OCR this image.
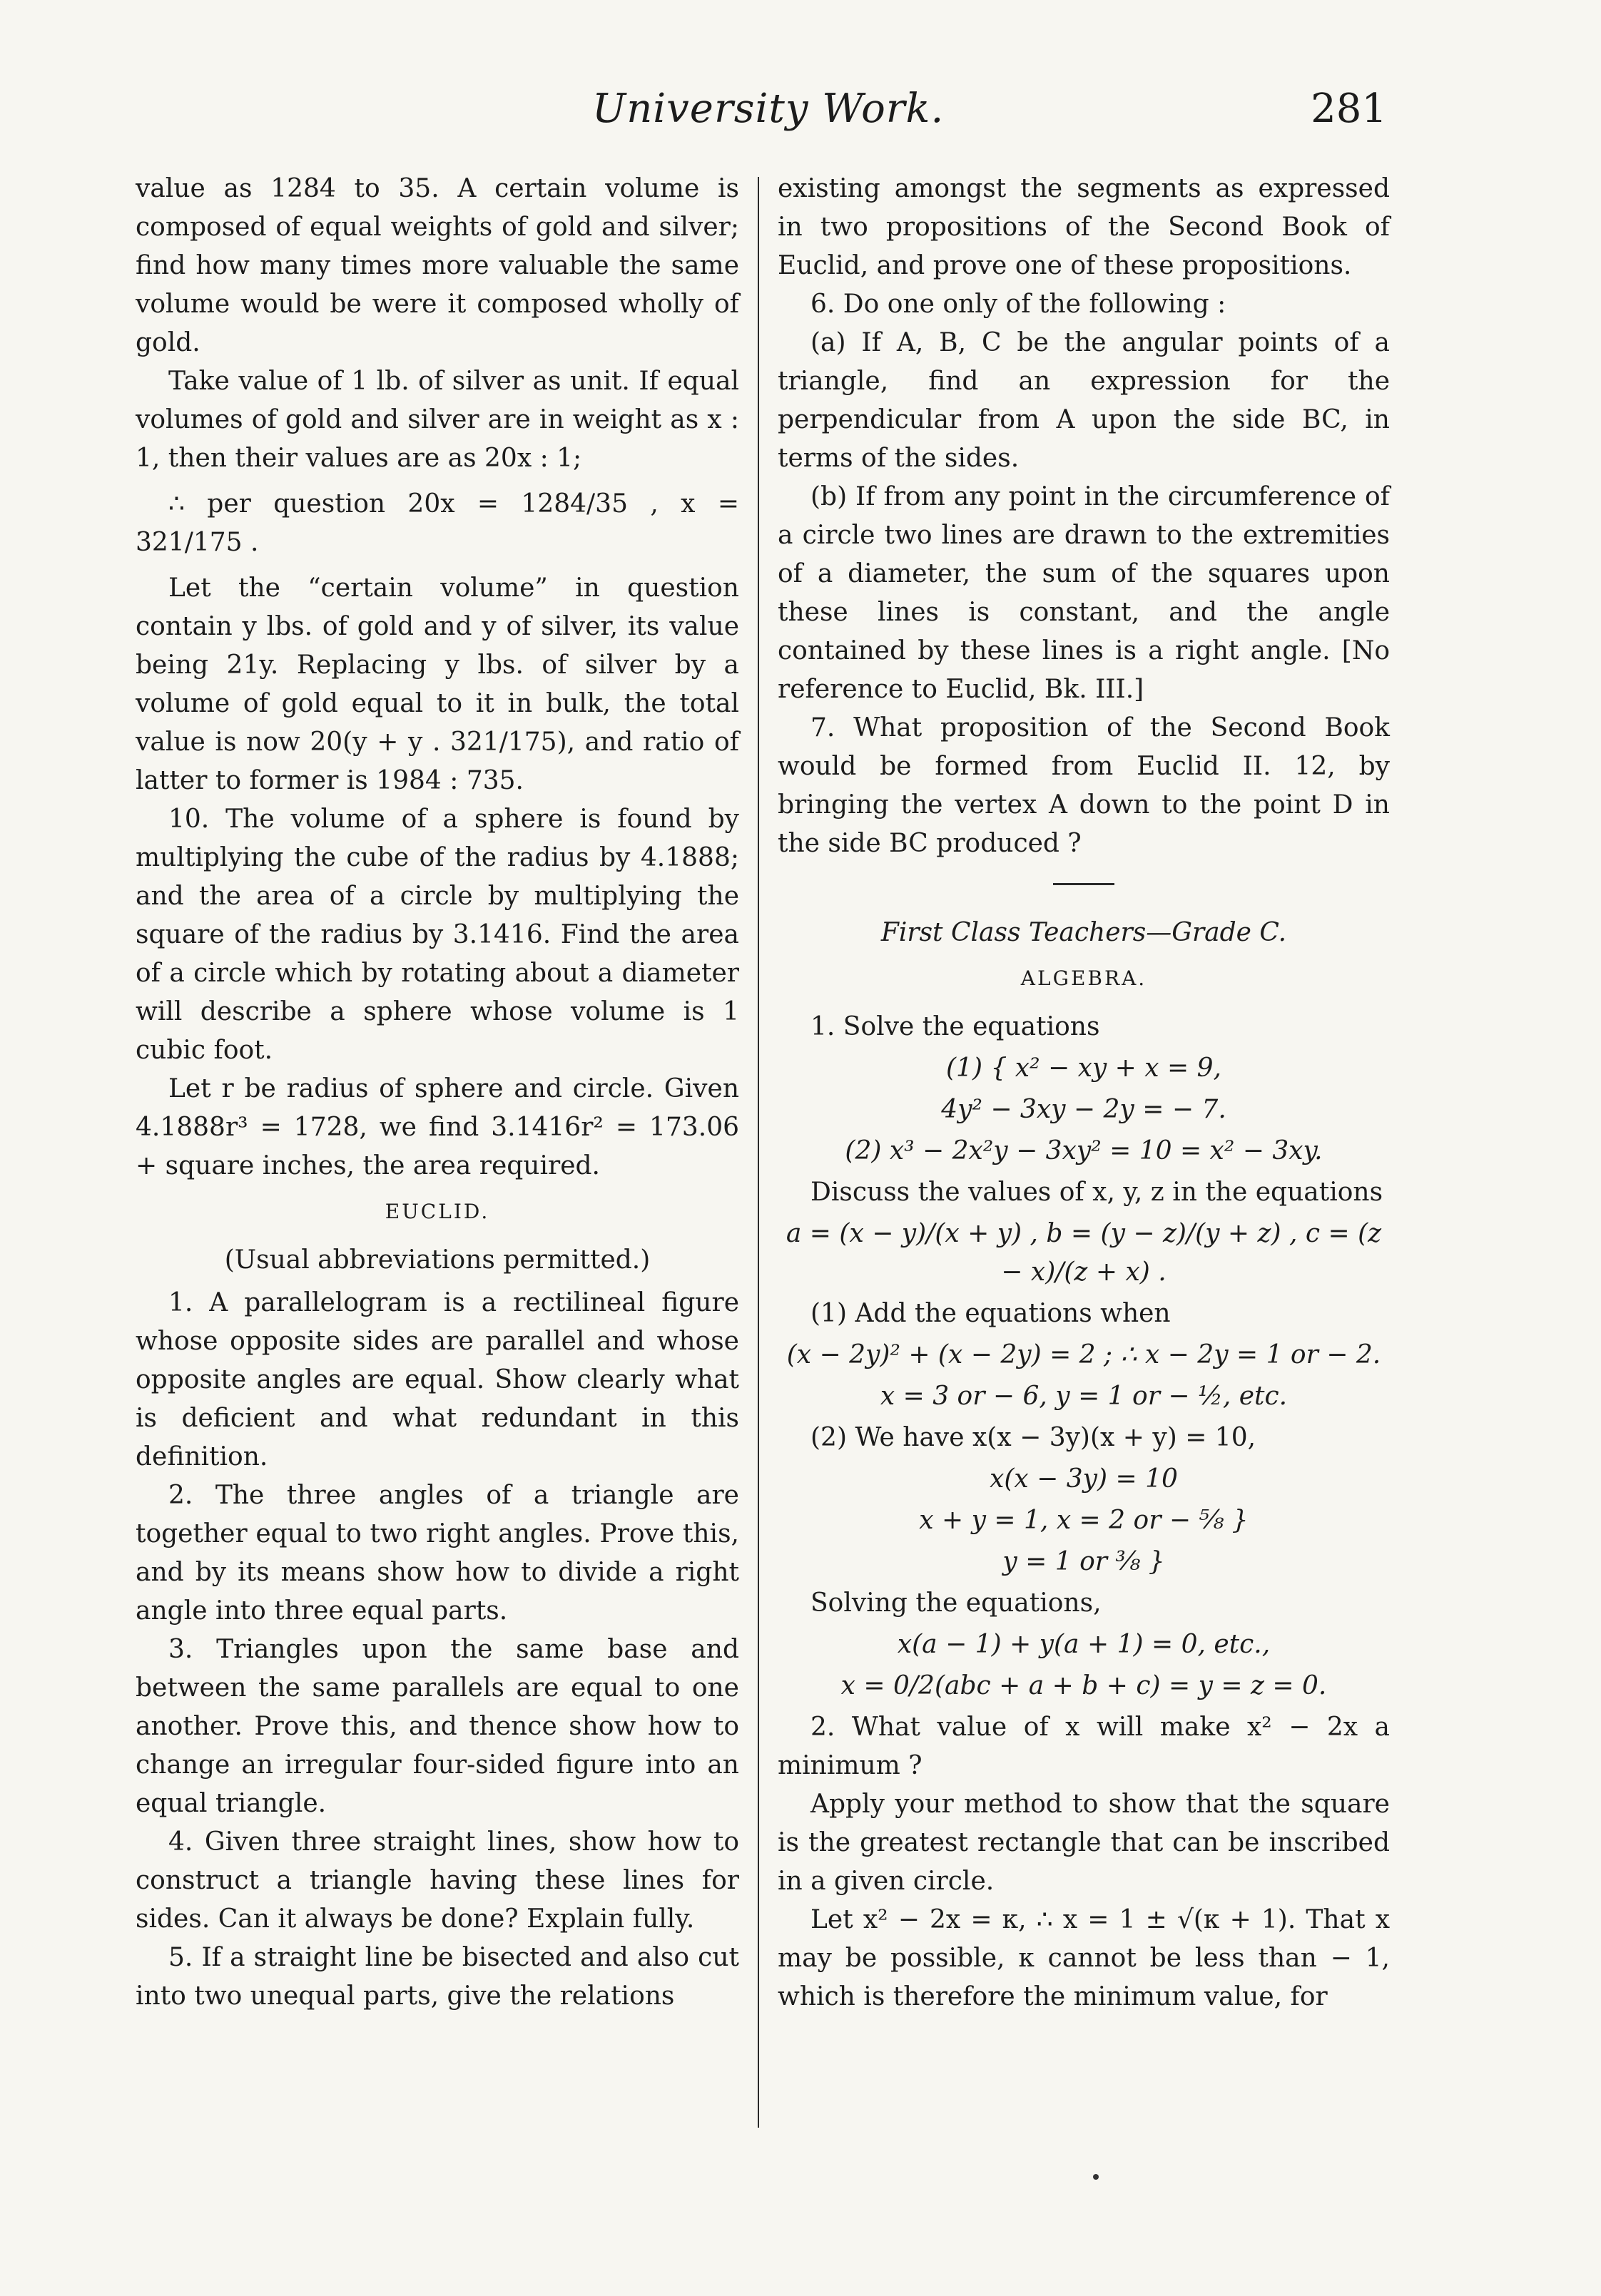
University Work.	281

value as 1284 to 35. A certain volume is composed of equal weights of gold and silver; find how many times more valuable the same volume would be were it composed wholly of gold.

Take value of 1 lb. of silver as unit. If equal volumes of gold and silver are in weight as x : 1, then their values are as 20x : 1;

∴ per question 20x = 1284/35 , x = 321/175 .

Let the “certain volume” in question contain y lbs. of gold and y of silver, its value being 21y. Replacing y lbs. of silver by a volume of gold equal to it in bulk, the total value is now 20(y + y . 321/175), and ratio of latter to former is 1984 : 735.

10. The volume of a sphere is found by multiplying the cube of the radius by 4.1888; and the area of a circle by multiplying the square of the radius by 3.1416. Find the area of a circle which by rotating about a diameter will describe a sphere whose volume is 1 cubic foot.

Let r be radius of sphere and circle. Given 4.1888r³ = 1728, we find 3.1416r² = 173.06 + square inches, the area required.

EUCLID.

(Usual abbreviations permitted.)

1. A parallelogram is a rectilineal figure whose opposite sides are parallel and whose opposite angles are equal. Show clearly what is deficient and what redundant in this definition.

2. The three angles of a triangle are together equal to two right angles. Prove this, and by its means show how to divide a right angle into three equal parts.

3. Triangles upon the same base and between the same parallels are equal to one another. Prove this, and thence show how to change an irregular four-sided figure into an equal triangle.

4. Given three straight lines, show how to construct a triangle having these lines for sides. Can it always be done? Explain fully.

5. If a straight line be bisected and also cut into two unequal parts, give the relations

existing amongst the segments as expressed in two propositions of the Second Book of Euclid, and prove one of these propositions.

6. Do one only of the following :

(a) If A, B, C be the angular points of a triangle, find an expression for the perpendicular from A upon the side BC, in terms of the sides.

(b) If from any point in the circumference of a circle two lines are drawn to the extremities of a diameter, the sum of the squares upon these lines is constant, and the angle contained by these lines is a right angle. [No reference to Euclid, Bk. III.]

7. What proposition of the Second Book would be formed from Euclid II. 12, by bringing the vertex A down to the point D in the side BC produced ?

First Class Teachers—Grade C.

ALGEBRA.

1. Solve the equations

(1) { x² − xy + x = 9,

4y² − 3xy − 2y = − 7.

(2) x³ − 2x²y − 3xy² = 10 = x² − 3xy.

Discuss the values of x, y, z in the equations

a = (x − y)/(x + y) , b = (y − z)/(y + z) , c = (z − x)/(z + x) .

(1) Add the equations when

(x − 2y)² + (x − 2y) = 2 ; ∴ x − 2y = 1 or − 2.

x = 3 or − 6, y = 1 or − ½, etc.

(2) We have x(x − 3y)(x + y) = 10,

x(x − 3y) = 10

x + y = 1, x = 2 or − ⅝ }

y = 1 or ⅜ }

Solving the equations,

x(a − 1) + y(a + 1) = 0, etc.,

x = 0/2(abc + a + b + c) = y = z = 0.

2. What value of x will make x² − 2x a minimum ?

Apply your method to show that the square is the greatest rectangle that can be inscribed in a given circle.

Let x² − 2x = κ, ∴ x = 1 ± √(κ + 1). That x may be possible, κ cannot be less than − 1, which is therefore the minimum value, for
